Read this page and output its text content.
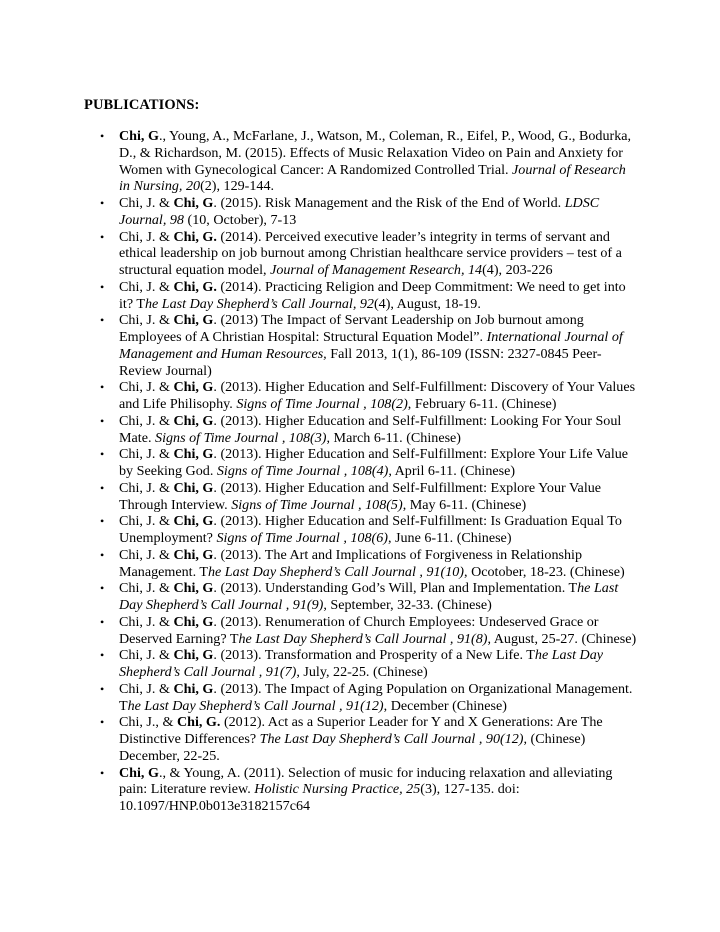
PUBLICATIONS:
• Chi, G., Young, A., McFarlane, J., Watson, M., Coleman, R., Eifel, P., Wood, G., Bodurka, D., & Richardson, M. (2015). Effects of Music Relaxation Video on Pain and Anxiety for Women with Gynecological Cancer: A Randomized Controlled Trial. Journal of Research in Nursing, 20(2), 129-144.
• Chi, J. & Chi, G. (2015). Risk Management and the Risk of the End of World. LDSC Journal, 98 (10, October), 7-13
• Chi, J. & Chi, G. (2014). Perceived executive leader’s integrity in terms of servant and ethical leadership on job burnout among Christian healthcare service providers – test of a structural equation model, Journal of Management Research, 14(4), 203-226
• Chi, J. & Chi, G. (2014). Practicing Religion and Deep Commitment: We need to get into it? The Last Day Shepherd’s Call Journal, 92(4), August, 18-19.
• Chi, J. & Chi, G. (2013) The Impact of Servant Leadership on Job burnout among Employees of A Christian Hospital: Structural Equation Model”. International Journal of Management and Human Resources, Fall 2013, 1(1), 86-109 (ISSN: 2327-0845 Peer-Review Journal)
• Chi, J. & Chi, G. (2013). Higher Education and Self-Fulfillment: Discovery of Your Values and Life Philisophy. Signs of Time Journal , 108(2), February 6-11. (Chinese)
• Chi, J. & Chi, G. (2013). Higher Education and Self-Fulfillment: Looking For Your Soul Mate. Signs of Time Journal , 108(3), March 6-11. (Chinese)
• Chi, J. & Chi, G. (2013). Higher Education and Self-Fulfillment: Explore Your Life Value by Seeking God. Signs of Time Journal , 108(4), April 6-11. (Chinese)
• Chi, J. & Chi, G. (2013). Higher Education and Self-Fulfillment: Explore Your Value Through Interview. Signs of Time Journal , 108(5), May 6-11. (Chinese)
• Chi, J. & Chi, G. (2013). Higher Education and Self-Fulfillment: Is Graduation Equal To Unemployment? Signs of Time Journal , 108(6), June 6-11. (Chinese)
• Chi, J. & Chi, G. (2013). The Art and Implications of Forgiveness in Relationship Management. The Last Day Shepherd’s Call Journal , 91(10), Ocotober, 18-23. (Chinese)
• Chi, J. & Chi, G. (2013). Understanding God’s Will, Plan and Implementation. The Last Day Shepherd’s Call Journal , 91(9), September, 32-33. (Chinese)
• Chi, J. & Chi, G. (2013). Renumeration of Church Employees: Undeserved Grace or Deserved Earning? The Last Day Shepherd’s Call Journal , 91(8), August, 25-27. (Chinese)
• Chi, J. & Chi, G. (2013). Transformation and Prosperity of a New Life. The Last Day Shepherd’s Call Journal , 91(7), July, 22-25. (Chinese)
• Chi, J. & Chi, G. (2013). The Impact of Aging Population on Organizational Management. The Last Day Shepherd’s Call Journal , 91(12), December (Chinese)
• Chi, J., & Chi, G. (2012). Act as a Superior Leader for Y and X Generations: Are The Distinctive Differences? The Last Day Shepherd’s Call Journal , 90(12), (Chinese) December, 22-25.
• Chi, G., & Young, A. (2011). Selection of music for inducing relaxation and alleviating pain: Literature review. Holistic Nursing Practice, 25(3), 127-135. doi: 10.1097/HNP.0b013e3182157c64
